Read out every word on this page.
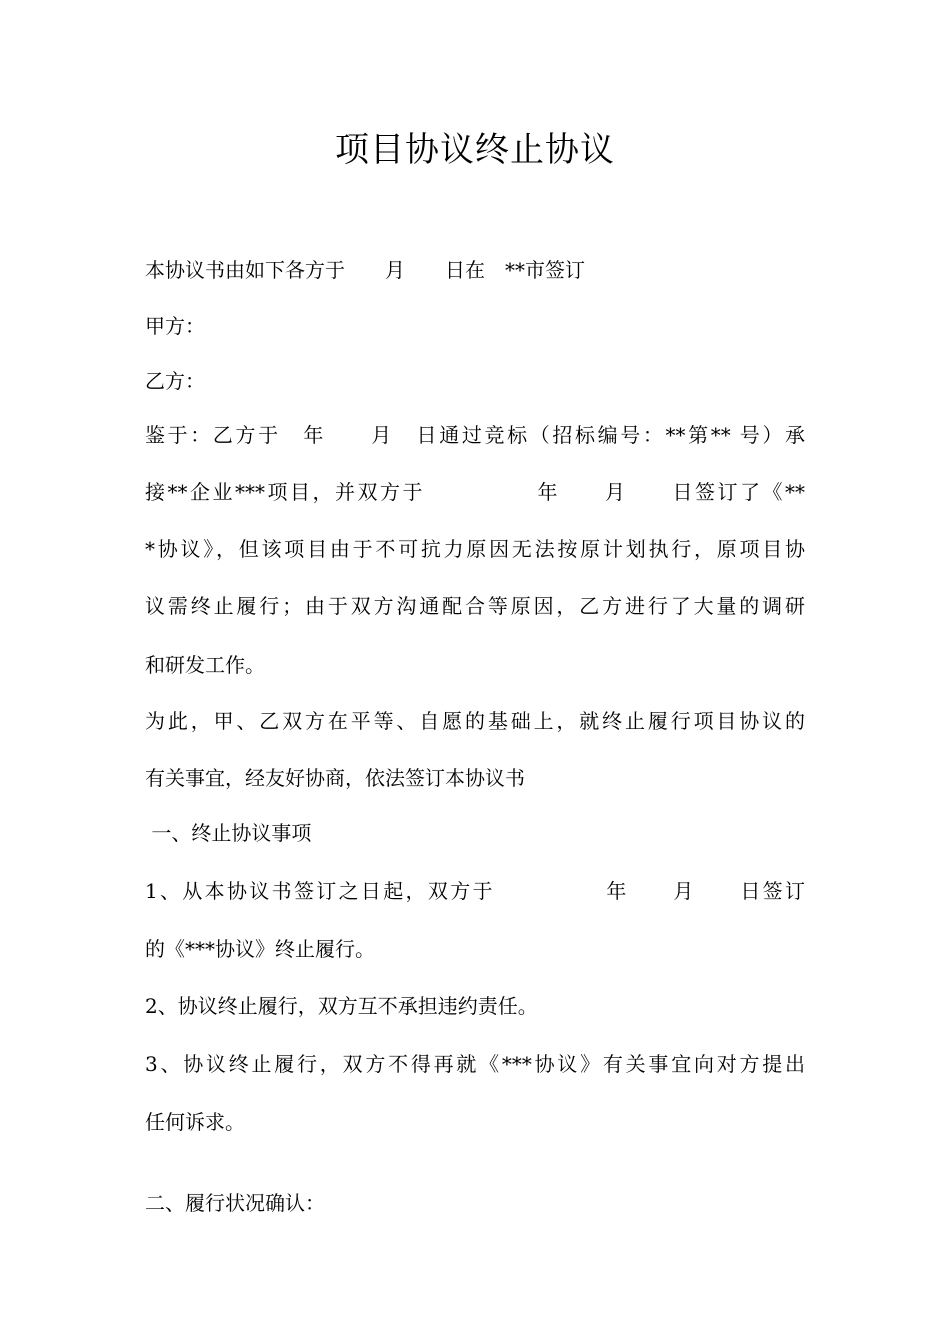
项目协议终止协议
本协议书由如下各方于　　月　　日在　**市签订
甲方：
乙方：
鉴于：乙方于　年　　月　日通过竞标（招标编号：**第** 号）承
接**企业***项目，并双方于　　　　　年　　月　　日签订了《**
*协议》，但该项目由于不可抗力原因无法按原计划执行，原项目协
议需终止履行；由于双方沟通配合等原因，乙方进行了大量的调研
和研发工作。
为此，甲、乙双方在平等、自愿的基础上，就终止履行项目协议的
有关事宜，经友好协商，依法签订本协议书
一、终止协议事项
1、从本协议书签订之日起，双方于　　　　　年　　月　　日签订
的《***协议》终止履行。
2、协议终止履行，双方互不承担违约责任。
3、协议终止履行，双方不得再就《***协议》有关事宜向对方提出
任何诉求。
二、履行状况确认：
